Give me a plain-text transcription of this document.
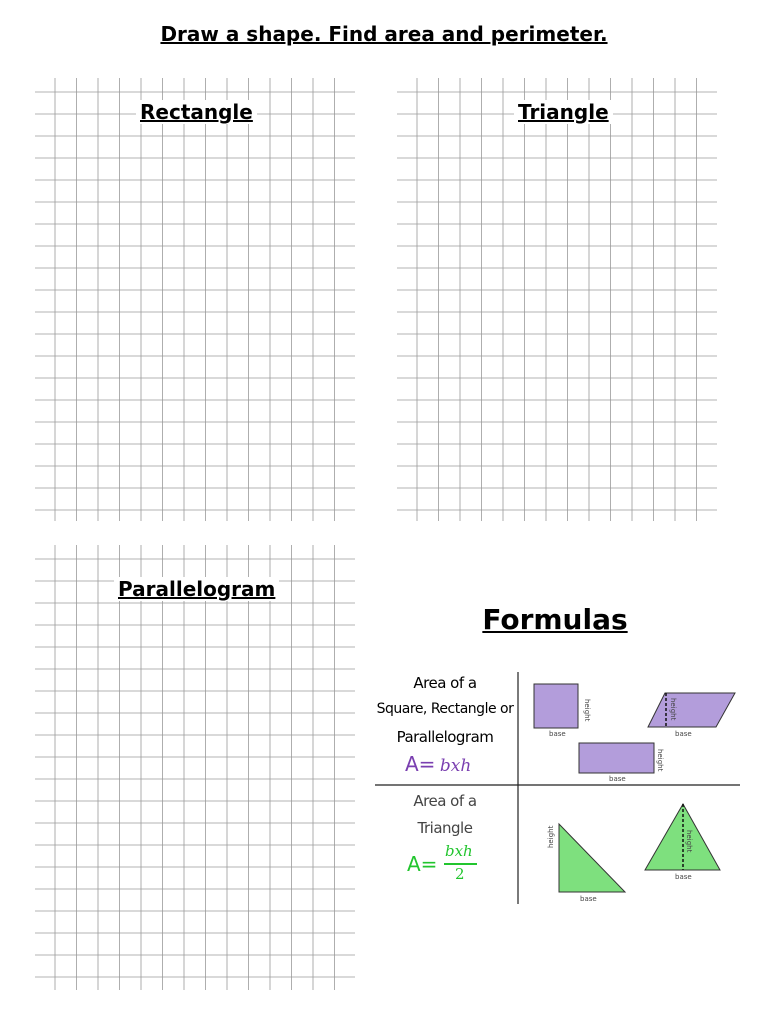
Draw a shape. Find area and perimeter.
Rectangle	Triangle
Parallelogram
Formulas
base
height
base
height
base
height
base
height
base
height
Area of a
Square, Rectangle or
Parallelogram
A= bxh
Area of a
Triangle
A=
bxh
2
